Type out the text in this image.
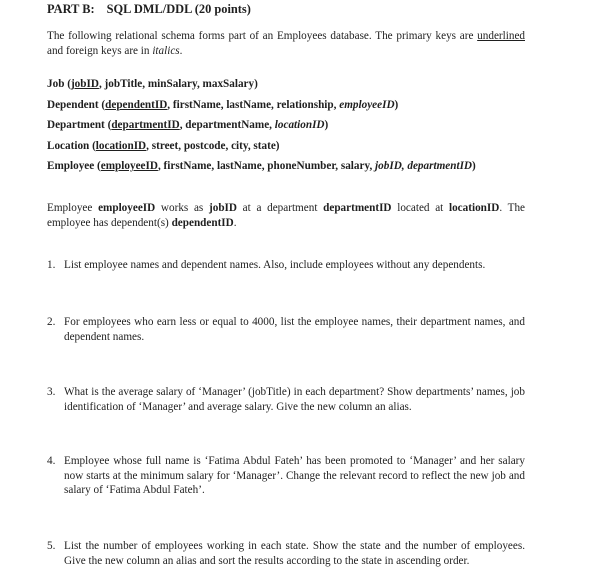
PART B: SQL DML/DDL (20 points)
The following relational schema forms part of an Employees database. The primary keys are underlined and foreign keys are in italics.
Job (jobID, jobTitle, minSalary, maxSalary)
Dependent (dependentID, firstName, lastName, relationship, employeeID)
Department (departmentID, departmentName, locationID)
Location (locationID, street, postcode, city, state)
Employee (employeeID, firstName, lastName, phoneNumber, salary, jobID, departmentID)
Employee employeeID works as jobID at a department departmentID located at locationID. The employee has dependent(s) dependentID.
1. List employee names and dependent names. Also, include employees without any dependents.
2. For employees who earn less or equal to 4000, list the employee names, their department names, and dependent names.
3. What is the average salary of ‘Manager’ (jobTitle) in each department? Show departments’ names, job identification of ‘Manager’ and average salary. Give the new column an alias.
4. Employee whose full name is ‘Fatima Abdul Fateh’ has been promoted to ‘Manager’ and her salary now starts at the minimum salary for ‘Manager’. Change the relevant record to reflect the new job and salary of ‘Fatima Abdul Fateh’.
5. List the number of employees working in each state. Show the state and the number of employees. Give the new column an alias and sort the results according to the state in ascending order.
